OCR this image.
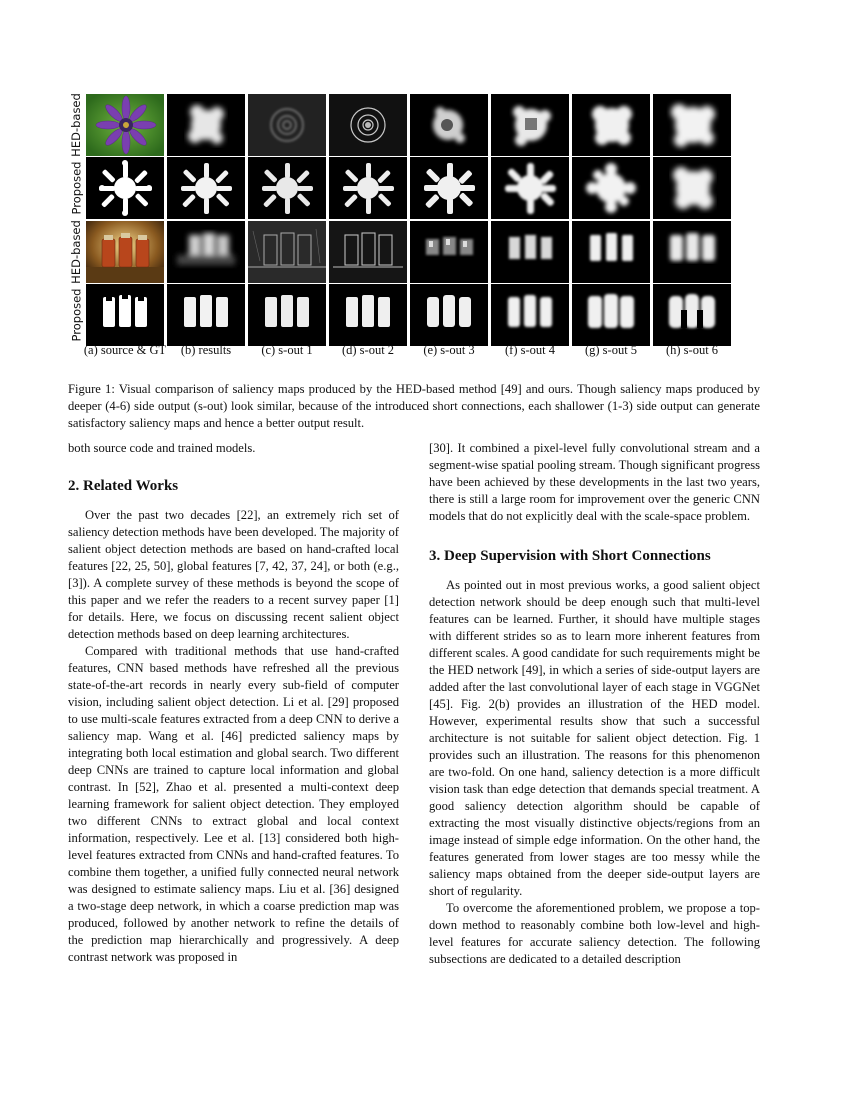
HED-based
Proposed
HED-based
Proposed
(a) source & GT (b) results (c) s-out 1 (d) s-out 2 (e) s-out 3 (f) s-out 4 (g) s-out 5 (h) s-out 6

Figure 1: Visual comparison of saliency maps produced by the HED-based method [49] and ours. Though saliency maps produced by deeper (4-6) side output (s-out) look similar, because of the introduced short connections, each shallower (1-3) side output can generate satisfactory saliency maps and hence a better output result.

both source code and trained models.

2. Related Works

Over the past two decades [22], an extremely rich set of saliency detection methods have been developed. The majority of salient object detection methods are based on hand-crafted local features [22, 25, 50], global features [7, 42, 37, 24], or both (e.g., [3]). A complete survey of these methods is beyond the scope of this paper and we refer the readers to a recent survey paper [1] for details. Here, we focus on discussing recent salient object detection methods based on deep learning architectures.

Compared with traditional methods that use hand-crafted features, CNN based methods have refreshed all the previous state-of-the-art records in nearly every sub-field of computer vision, including salient object detection. Li et al. [29] proposed to use multi-scale features extracted from a deep CNN to derive a saliency map. Wang et al. [46] predicted saliency maps by integrating both local estimation and global search. Two different deep CNNs are trained to capture local information and global contrast. In [52], Zhao et al. presented a multi-context deep learning framework for salient object detection. They employed two different CNNs to extract global and local context information, respectively. Lee et al. [13] considered both high-level features extracted from CNNs and hand-crafted features. To combine them together, a unified fully connected neural network was designed to estimate saliency maps. Liu et al. [36] designed a two-stage deep network, in which a coarse prediction map was produced, followed by another network to refine the details of the prediction map hierarchically and progressively. A deep contrast network was proposed in

[30]. It combined a pixel-level fully convolutional stream and a segment-wise spatial pooling stream. Though significant progress have been achieved by these developments in the last two years, there is still a large room for improvement over the generic CNN models that do not explicitly deal with the scale-space problem.

3. Deep Supervision with Short Connections

As pointed out in most previous works, a good salient object detection network should be deep enough such that multi-level features can be learned. Further, it should have multiple stages with different strides so as to learn more inherent features from different scales. A good candidate for such requirements might be the HED network [49], in which a series of side-output layers are added after the last convolutional layer of each stage in VGGNet [45]. Fig. 2(b) provides an illustration of the HED model. However, experimental results show that such a successful architecture is not suitable for salient object detection. Fig. 1 provides such an illustration. The reasons for this phenomenon are two-fold. On one hand, saliency detection is a more difficult vision task than edge detection that demands special treatment. A good saliency detection algorithm should be capable of extracting the most visually distinctive objects/regions from an image instead of simple edge information. On the other hand, the features generated from lower stages are too messy while the saliency maps obtained from the deeper side-output layers are short of regularity.

To overcome the aforementioned problem, we propose a top-down method to reasonably combine both low-level and high-level features for accurate saliency detection. The following subsections are dedicated to a detailed description
